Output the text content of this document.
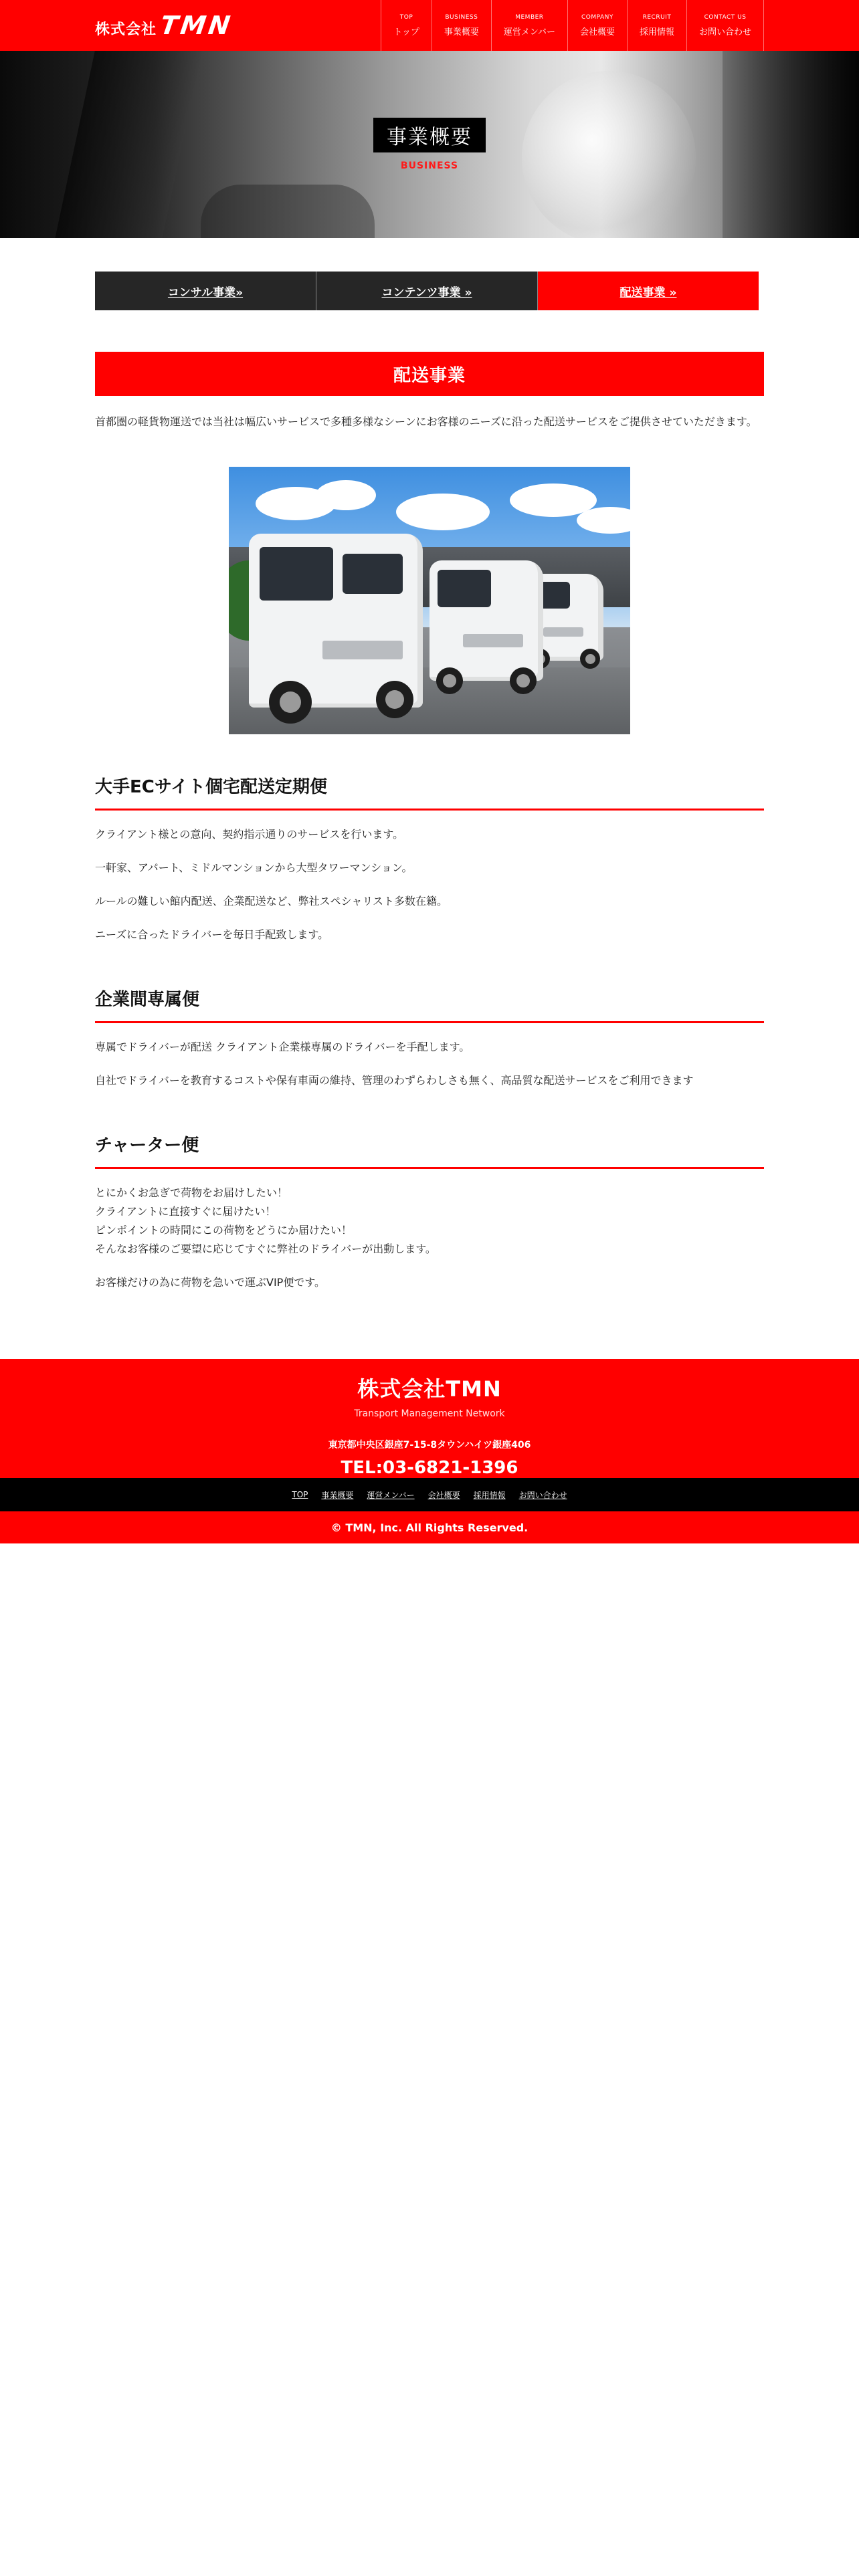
株式会社 TMN	TOP
トップ
BUSINESS
事業概要
MEMBER
運営メンバー
COMPANY
会社概要
RECRUIT
採用情報
CONTACT US
お問い合わせ
事業概要
BUSINESS
コンサル事業»	コンテンツ事業 »	配送事業 »
配送事業

首都圏の軽貨物運送では当社は幅広いサービスで多種多様なシーンにお客様のニーズに沿った配送サービスをご提供させていただきます。

大手ECサイト個宅配送定期便

クライアント様との意向、契約指示通りのサービスを行います。

一軒家、アパート、ミドルマンションから大型タワーマンション。

ルールの難しい館内配送、企業配送など、弊社スペシャリスト多数在籍。

ニーズに合ったドライバーを毎日手配致します。

企業間専属便

専属でドライバーが配送 クライアント企業様専属のドライバーを手配します。

自社でドライバーを教育するコストや保有車両の維持、管理のわずらわしさも無く、高品質な配送サービスをご利用できます

チャーター便

とにかくお急ぎで荷物をお届けしたい！

クライアントに直接すぐに届けたい！

ピンポイントの時間にこの荷物をどうにか届けたい！

そんなお客様のご要望に応じてすぐに弊社のドライバーが出動します。

お客様だけの為に荷物を急いで運ぶVIP便です。

株式会社TMN
Transport Management Network
東京都中央区銀座7-15-8タウンハイツ銀座406
TEL:03-6821-1396
TOP 事業概要 運営メンバー 会社概要 採用情報 お問い合わせ
© TMN, Inc. All Rights Reserved.
